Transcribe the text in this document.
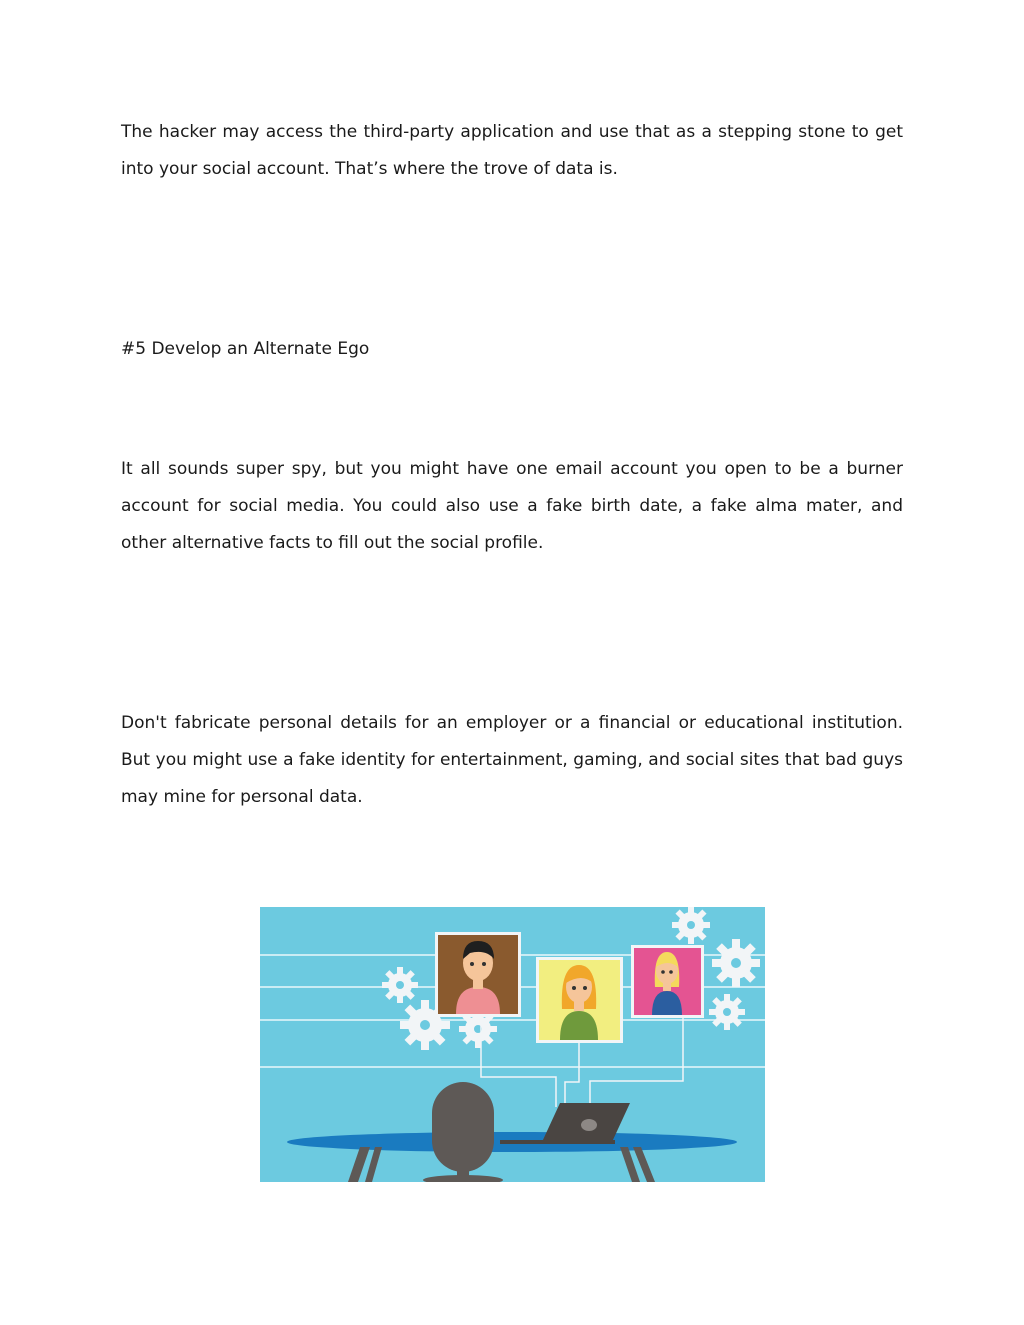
The hacker may access the third-party application and use that as a stepping stone to get into your social account. That’s where the trove of data is.

#5 Develop an Alternate Ego

It all sounds super spy, but you might have one email account you open to be a burner account for social media. You could also use a fake birth date, a fake alma mater, and other alternative facts to fill out the social profile.

Don't fabricate personal details for an employer or a financial or educational institution. But you might use a fake identity for entertainment, gaming, and social sites that bad guys may mine for personal data.
